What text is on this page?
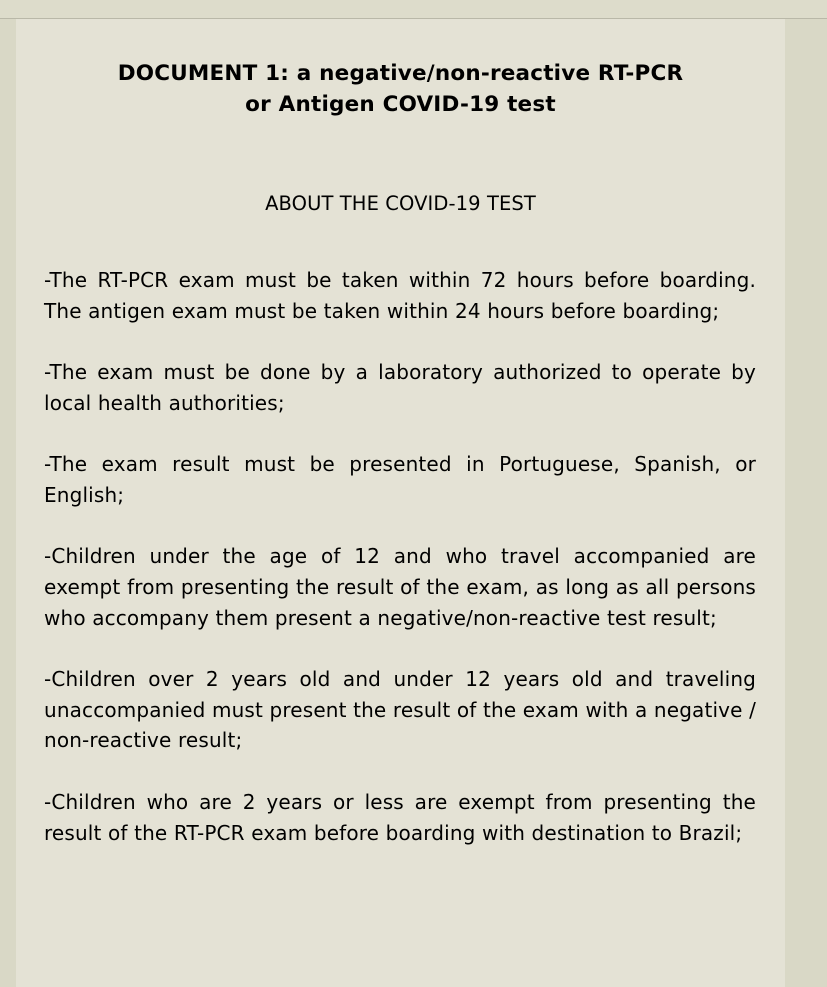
DOCUMENT 1: a negative/non-reactive RT-PCR
or Antigen COVID-19 test
ABOUT THE COVID-19 TEST

-The RT-PCR exam must be taken within 72 hours before boarding. The antigen exam must be taken within 24 hours before boarding;

-The exam must be done by a laboratory authorized to operate by local health authorities;

-The exam result must be presented in Portuguese, Spanish, or English;

-Children under the age of 12 and who travel accompanied are exempt from presenting the result of the exam, as long as all persons who accompany them present a negative/non-reactive test result;

-Children over 2 years old and under 12 years old and traveling unaccompanied must present the result of the exam with a negative / non-reactive result;

-Children who are 2 years or less are exempt from presenting the result of the RT-PCR exam before boarding with destination to Brazil;
